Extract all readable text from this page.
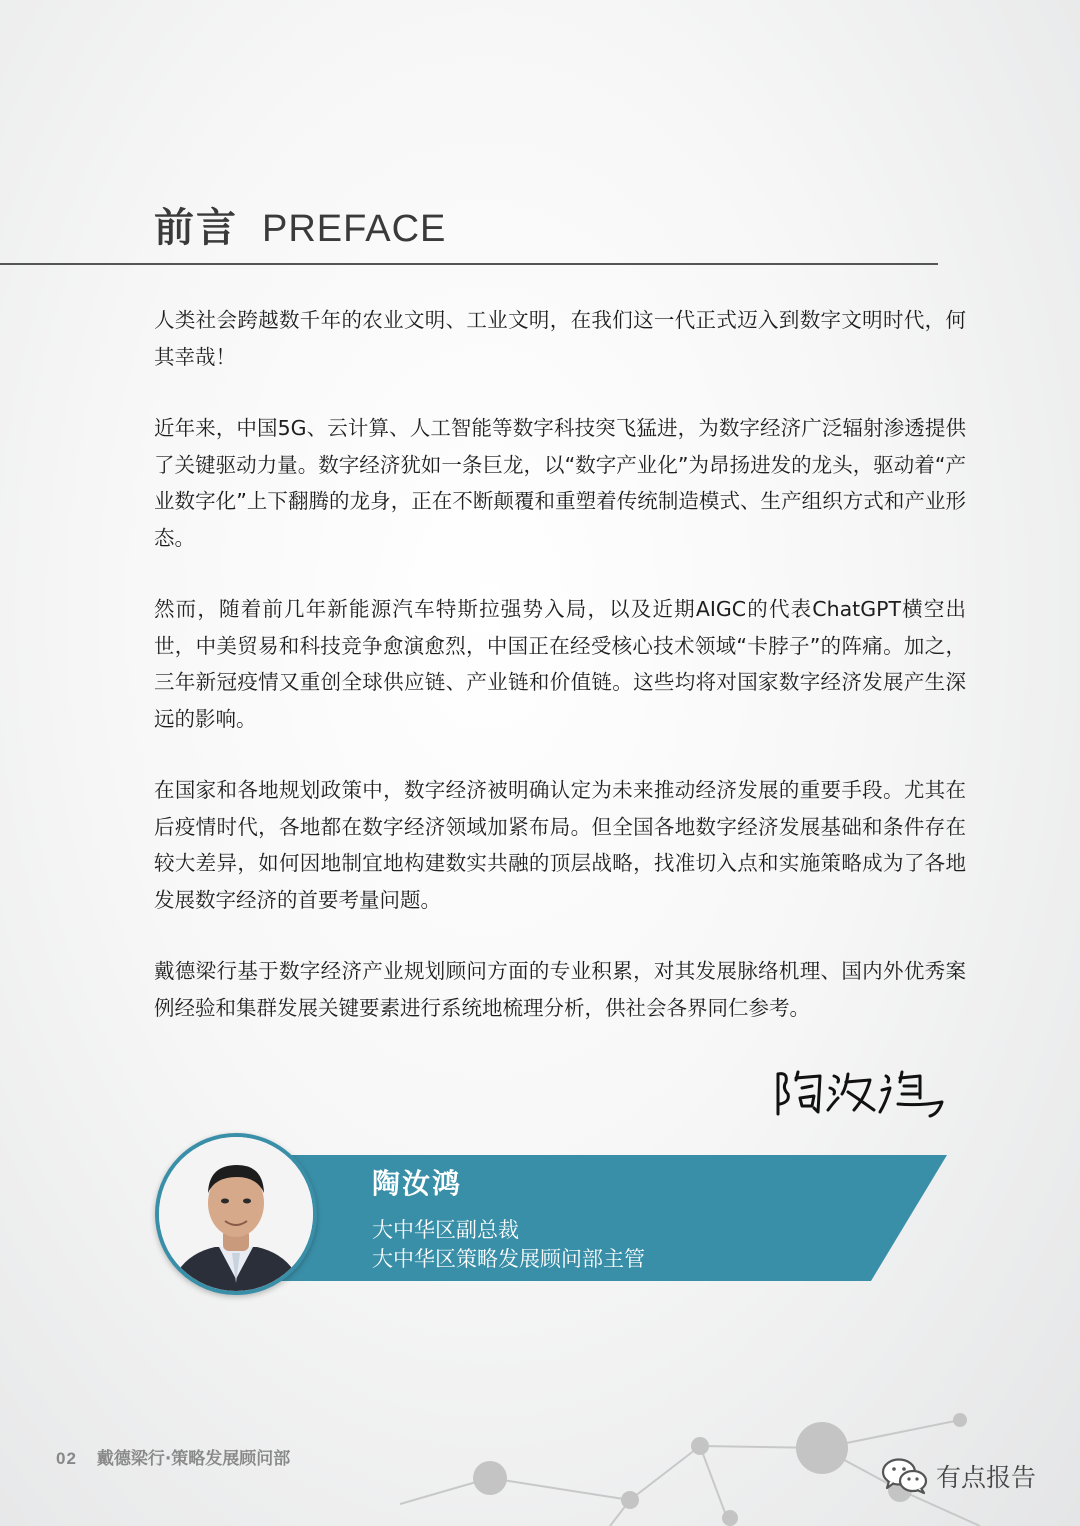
前言 PREFACE

人类社会跨越数千年的农业文明、工业文明，在我们这一代正式迈入到数字文明时代，何其幸哉！

近年来，中国5G、云计算、人工智能等数字科技突飞猛进，为数字经济广泛辐射渗透提供了关键驱动力量。数字经济犹如一条巨龙，以“数字产业化”为昂扬进发的龙头，驱动着“产业数字化”上下翻腾的龙身，正在不断颠覆和重塑着传统制造模式、生产组织方式和产业形态。

然而，随着前几年新能源汽车特斯拉强势入局，以及近期AIGC的代表ChatGPT横空出世，中美贸易和科技竞争愈演愈烈，中国正在经受核心技术领域“卡脖子”的阵痛。加之，三年新冠疫情又重创全球供应链、产业链和价值链。这些均将对国家数字经济发展产生深远的影响。

在国家和各地规划政策中，数字经济被明确认定为未来推动经济发展的重要手段。尤其在后疫情时代，各地都在数字经济领域加紧布局。但全国各地数字经济发展基础和条件存在较大差异，如何因地制宜地构建数实共融的顶层战略，找准切入点和实施策略成为了各地发展数字经济的首要考量问题。

戴德梁行基于数字经济产业规划顾问方面的专业积累，对其发展脉络机理、国内外优秀案例经验和集群发展关键要素进行系统地梳理分析，供社会各界同仁参考。

陶汝鸿
大中华区副总裁
大中华区策略发展顾问部主管
02 戴德梁行·策略发展顾问部
有点报告
